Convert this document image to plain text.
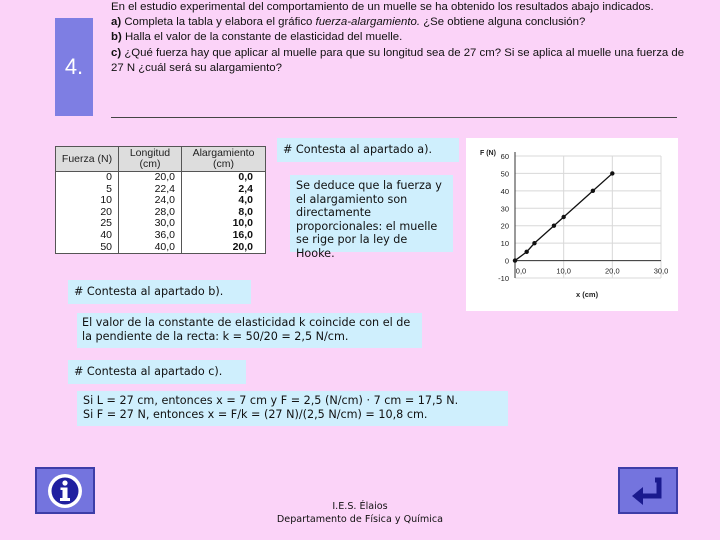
4.
En el estudio experimental del comportamiento de un muelle se ha obtenido los resultados abajo indicados.
a) Completa la tabla y elabora el gráfico fuerza-alargamiento. ¿Se obtiene alguna conclusión?
b) Halla el valor de la constante de elasticidad del muelle.
c) ¿Qué fuerza hay que aplicar al muelle para que su longitud sea de 27 cm? Si se aplica al muelle una fuerza de 27 N ¿cuál será su alargamiento?
Fuerza (N)	Longitud (cm)	Alargamiento (cm)
0	20,0	0,0
5	22,4	2,4
10	24,0	4,0
20	28,0	8,0
25	30,0	10,0
40	36,0	16,0
50	40,0	20,0
# Contesta al apartado a).
Se deduce que la fuerza y el alargamiento son directamente proporcionales: el muelle se rige por la ley de Hooke.
-10
0
10
20
30
40
50
60
0,0	10,0	20,0	30,0
F (N)
x (cm)
# Contesta al apartado b).
El valor de la constante de elasticidad k coincide con el de la pendiente de la recta: k = 50/20 = 2,5 N/cm.
# Contesta al apartado c).
Si L = 27 cm, entonces x = 7 cm y F = 2,5 (N/cm) · 7 cm = 17,5 N.
Si F = 27 N, entonces x = F/k = (27 N)/(2,5 N/cm) = 10,8 cm.
I.E.S. Élaios
Departamento de Física y Química
